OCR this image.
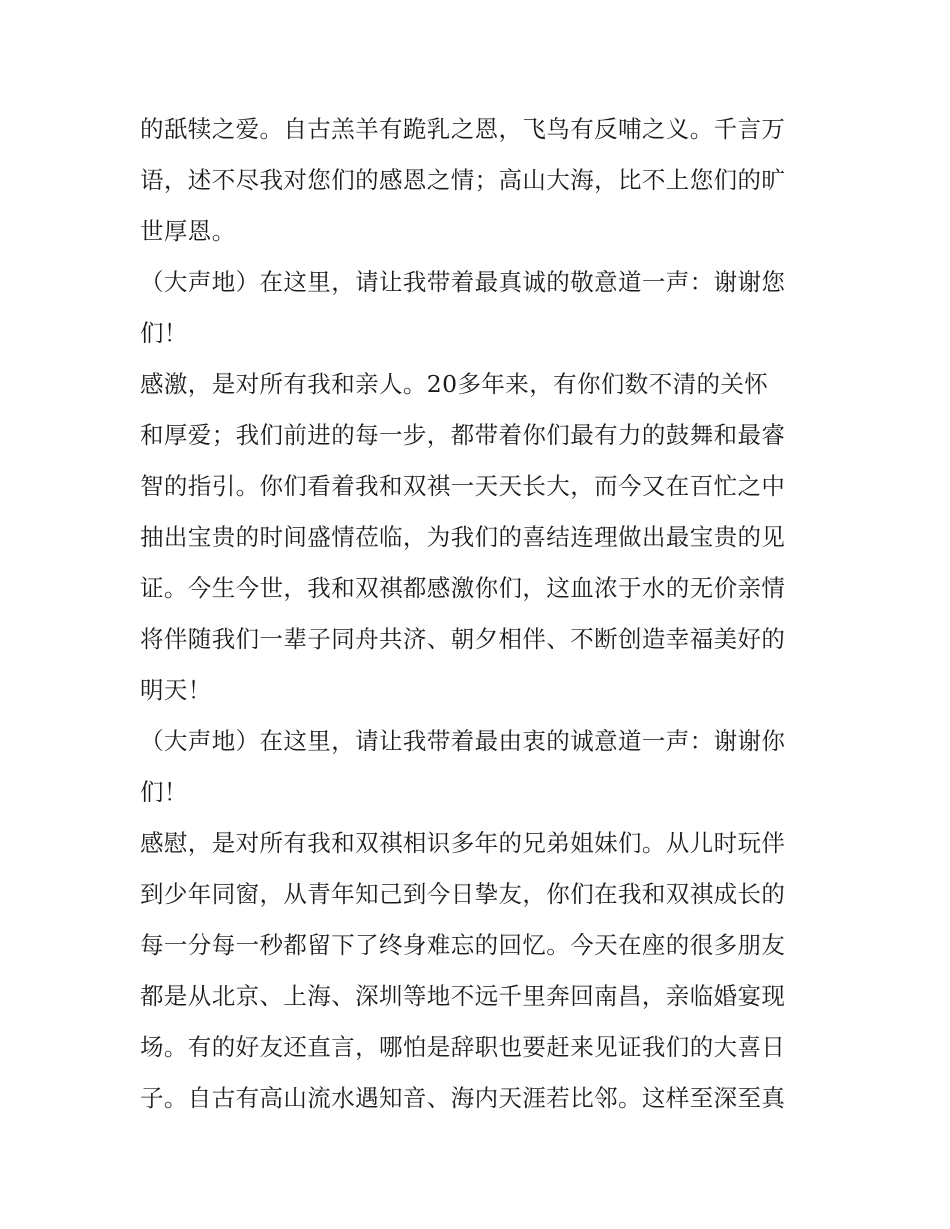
的舐犊之爱。自古羔羊有跪乳之恩，飞鸟有反哺之义。千言万
语，述不尽我对您们的感恩之情；高山大海，比不上您们的旷
世厚恩。
（大声地）在这里，请让我带着最真诚的敬意道一声：谢谢您
们！
感激，是对所有我和亲人。20多年来，有你们数不清的关怀
和厚爱；我们前进的每一步，都带着你们最有力的鼓舞和最睿
智的指引。你们看着我和双祺一天天长大，而今又在百忙之中
抽出宝贵的时间盛情莅临，为我们的喜结连理做出最宝贵的见
证。今生今世，我和双祺都感激你们，这血浓于水的无价亲情
将伴随我们一辈子同舟共济、朝夕相伴、不断创造幸福美好的
明天！
（大声地）在这里，请让我带着最由衷的诚意道一声：谢谢你
们！
感慰，是对所有我和双祺相识多年的兄弟姐妹们。从儿时玩伴
到少年同窗，从青年知己到今日挚友，你们在我和双祺成长的
每一分每一秒都留下了终身难忘的回忆。今天在座的很多朋友
都是从北京、上海、深圳等地不远千里奔回南昌，亲临婚宴现
场。有的好友还直言，哪怕是辞职也要赶来见证我们的大喜日
子。自古有高山流水遇知音、海内天涯若比邻。这样至深至真
